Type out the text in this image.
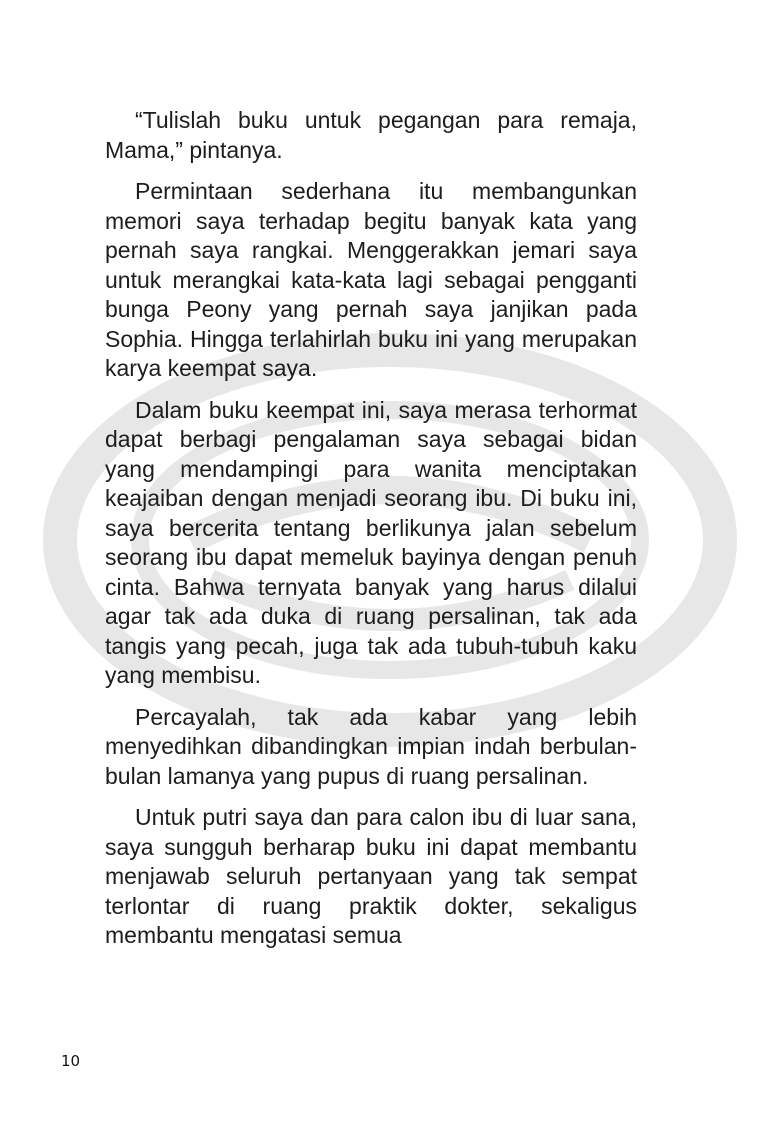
“Tulislah buku untuk pegangan para remaja, Mama,” pintanya.

Permintaan sederhana itu membangunkan memori saya terhadap begitu banyak kata yang pernah saya rangkai. Menggerakkan jemari saya untuk merangkai kata-kata lagi sebagai pengganti bunga Peony yang pernah saya janjikan pada Sophia. Hingga terlahirlah buku ini yang merupakan karya keempat saya.

Dalam buku keempat ini, saya merasa terhormat dapat berbagi pengalaman saya sebagai bidan yang mendampingi para wanita menciptakan keajaiban dengan menjadi seorang ibu. Di buku ini, saya bercerita tentang berlikunya jalan sebelum seorang ibu dapat memeluk bayinya dengan penuh cinta. Bahwa ternyata banyak yang harus dilalui agar tak ada duka di ruang persalinan, tak ada tangis yang pecah, juga tak ada tubuh-tubuh kaku yang membisu.

Percayalah, tak ada kabar yang lebih menyedihkan dibandingkan impian indah berbulan-bulan lamanya yang pupus di ruang persalinan.

Untuk putri saya dan para calon ibu di luar sana, saya sungguh berharap buku ini dapat membantu menjawab seluruh pertanyaan yang tak sempat terlontar di ruang praktik dokter, sekaligus membantu mengatasi semua

10
